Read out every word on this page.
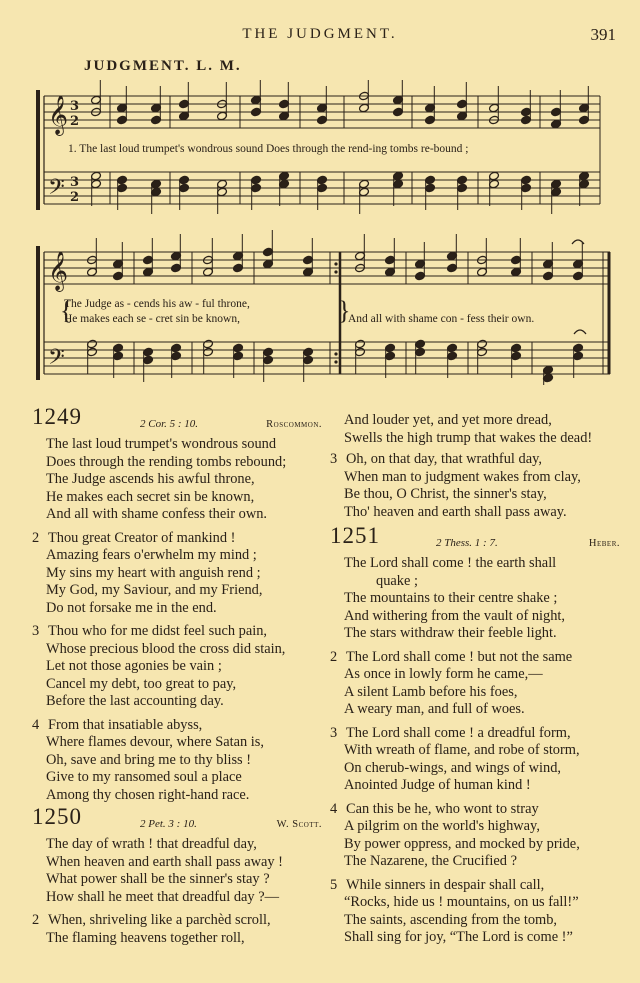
THE JUDGMENT.	391
JUDGMENT. L. M.
𝄞
𝄢
𝄞
𝄢
3
2
3
2
1. The last loud trumpet's wondrous sound Does through the rend-ing tombs re-bound ;
The Judge as - cends his aw - ful throne,
He makes each se - cret sin be known,	And all with shame con - fess their own.
{	}
1249	2 Cor. 5 : 10.	Roscommon.
The last loud trumpet's wondrous sound
Does through the rending tombs rebound;
The Judge ascends his awful throne,
He makes each secret sin be known,
And all with shame confess their own.
2 Thou great Creator of mankind !
Amazing fears o'erwhelm my mind ;
My sins my heart with anguish rend ;
My God, my Saviour, and my Friend,
Do not forsake me in the end.
3 Thou who for me didst feel such pain,
Whose precious blood the cross did stain,
Let not those agonies be vain ;
Cancel my debt, too great to pay,
Before the last accounting day.
4 From that insatiable abyss,
Where flames devour, where Satan is,
Oh, save and bring me to thy bliss !
Give to my ransomed soul a place
Among thy chosen right-hand race.
1250	2 Pet. 3 : 10.	W. Scott.
The day of wrath ! that dreadful day,
When heaven and earth shall pass away !
What power shall be the sinner's stay ?
How shall he meet that dreadful day ?—
2 When, shriveling like a parchèd scroll,
The flaming heavens together roll,
And louder yet, and yet more dread,
Swells the high trump that wakes the dead!
3 Oh, on that day, that wrathful day,
When man to judgment wakes from clay,
Be thou, O Christ, the sinner's stay,
Tho' heaven and earth shall pass away.
1251	2 Thess. 1 : 7.	Heber.
The Lord shall come ! the earth shall
quake ;
The mountains to their centre shake ;
And withering from the vault of night,
The stars withdraw their feeble light.
2 The Lord shall come ! but not the same
As once in lowly form he came,—
A silent Lamb before his foes,
A weary man, and full of woes.
3 The Lord shall come ! a dreadful form,
With wreath of flame, and robe of storm,
On cherub-wings, and wings of wind,
Anointed Judge of human kind !
4 Can this be he, who wont to stray
A pilgrim on the world's highway,
By power oppress, and mocked by pride,
The Nazarene, the Crucified ?
5 While sinners in despair shall call,
“Rocks, hide us ! mountains, on us fall!”
The saints, ascending from the tomb,
Shall sing for joy, “The Lord is come !”
